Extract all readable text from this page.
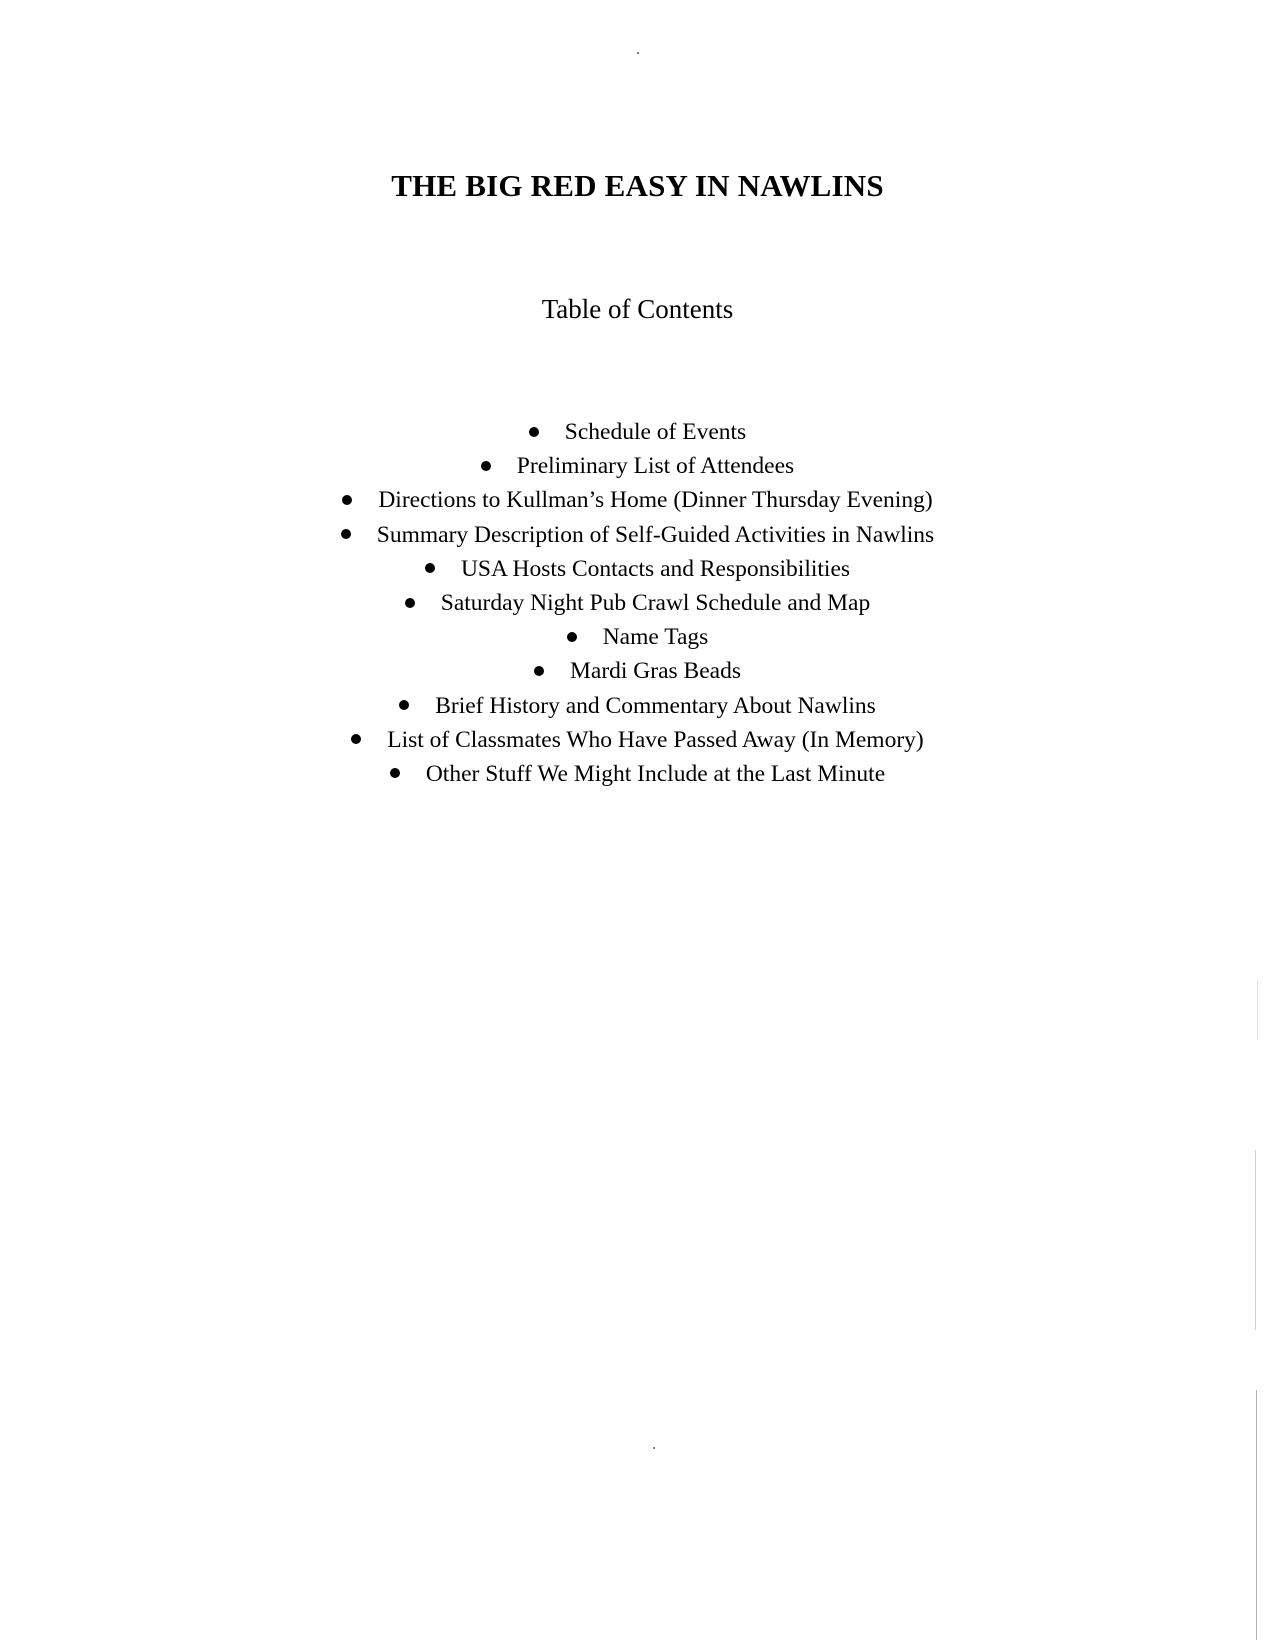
THE BIG RED EASY IN NAWLINS
Table of Contents
Schedule of Events
Preliminary List of Attendees
Directions to Kullman’s Home (Dinner Thursday Evening)
Summary Description of Self-Guided Activities in Nawlins
USA Hosts Contacts and Responsibilities
Saturday Night Pub Crawl Schedule and Map
Name Tags
Mardi Gras Beads
Brief History and Commentary About Nawlins
List of Classmates Who Have Passed Away (In Memory)
Other Stuff We Might Include at the Last Minute
